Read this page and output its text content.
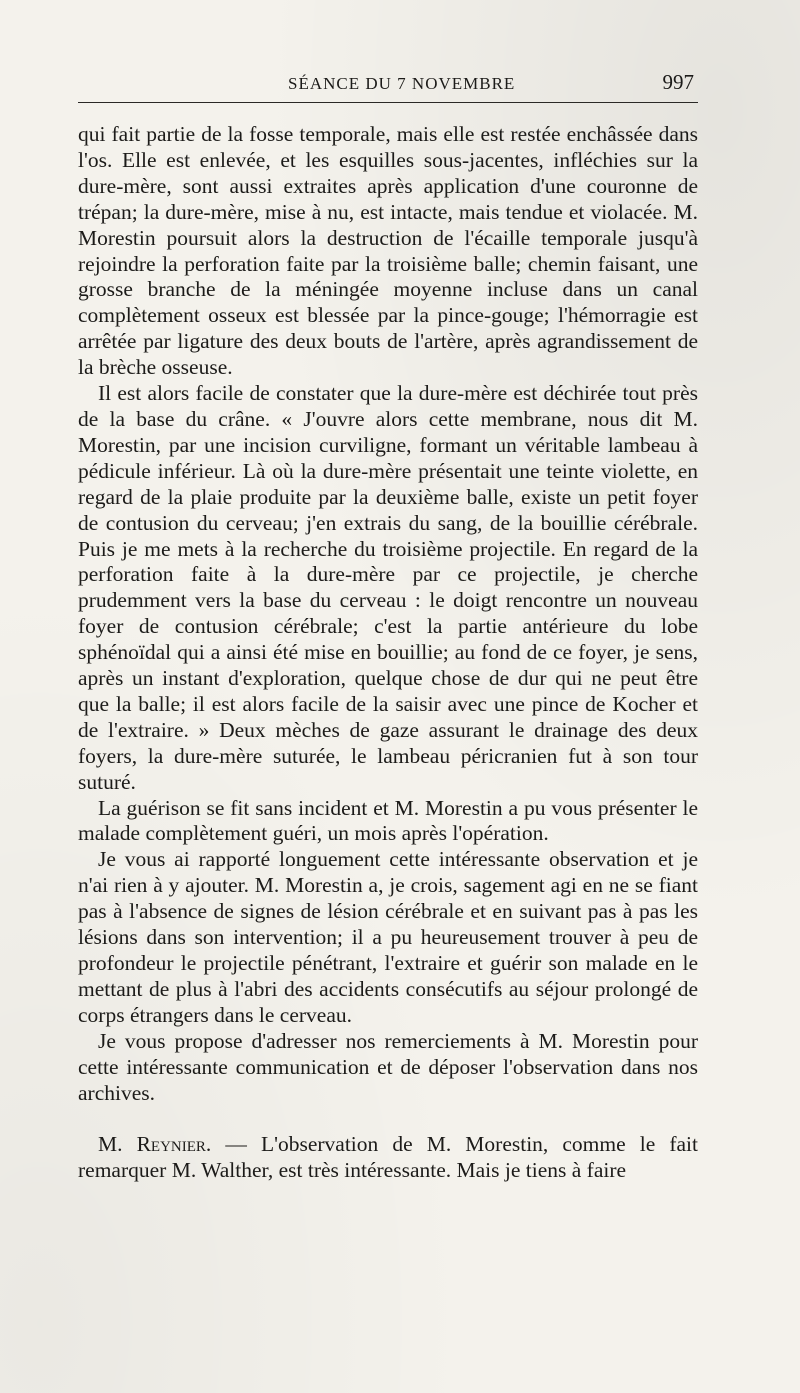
SÉANCE DU 7 NOVEMBRE	997

qui fait partie de la fosse temporale, mais elle est restée enchâssée dans l'os. Elle est enlevée, et les esquilles sous-jacentes, infléchies sur la dure-mère, sont aussi extraites après application d'une couronne de trépan; la dure-mère, mise à nu, est intacte, mais tendue et violacée. M. Morestin poursuit alors la destruction de l'écaille temporale jusqu'à rejoindre la perforation faite par la troisième balle; chemin faisant, une grosse branche de la méningée moyenne incluse dans un canal complètement osseux est blessée par la pince-gouge; l'hémorragie est arrêtée par ligature des deux bouts de l'artère, après agrandissement de la brèche osseuse.

Il est alors facile de constater que la dure-mère est déchirée tout près de la base du crâne. « J'ouvre alors cette membrane, nous dit M. Morestin, par une incision curviligne, formant un véritable lambeau à pédicule inférieur. Là où la dure-mère présentait une teinte violette, en regard de la plaie produite par la deuxième balle, existe un petit foyer de contusion du cerveau; j'en extrais du sang, de la bouillie cérébrale. Puis je me mets à la recherche du troisième projectile. En regard de la perforation faite à la dure-mère par ce projectile, je cherche prudemment vers la base du cerveau : le doigt rencontre un nouveau foyer de contusion cérébrale; c'est la partie antérieure du lobe sphénoïdal qui a ainsi été mise en bouillie; au fond de ce foyer, je sens, après un instant d'exploration, quelque chose de dur qui ne peut être que la balle; il est alors facile de la saisir avec une pince de Kocher et de l'extraire. » Deux mèches de gaze assurant le drainage des deux foyers, la dure-mère suturée, le lambeau péricranien fut à son tour suturé.

La guérison se fit sans incident et M. Morestin a pu vous présenter le malade complètement guéri, un mois après l'opération.

Je vous ai rapporté longuement cette intéressante observation et je n'ai rien à y ajouter. M. Morestin a, je crois, sagement agi en ne se fiant pas à l'absence de signes de lésion cérébrale et en suivant pas à pas les lésions dans son intervention; il a pu heureusement trouver à peu de profondeur le projectile pénétrant, l'extraire et guérir son malade en le mettant de plus à l'abri des accidents consécutifs au séjour prolongé de corps étrangers dans le cerveau.

Je vous propose d'adresser nos remerciements à M. Morestin pour cette intéressante communication et de déposer l'observation dans nos archives.

M. Reynier. — L'observation de M. Morestin, comme le fait remarquer M. Walther, est très intéressante. Mais je tiens à faire
